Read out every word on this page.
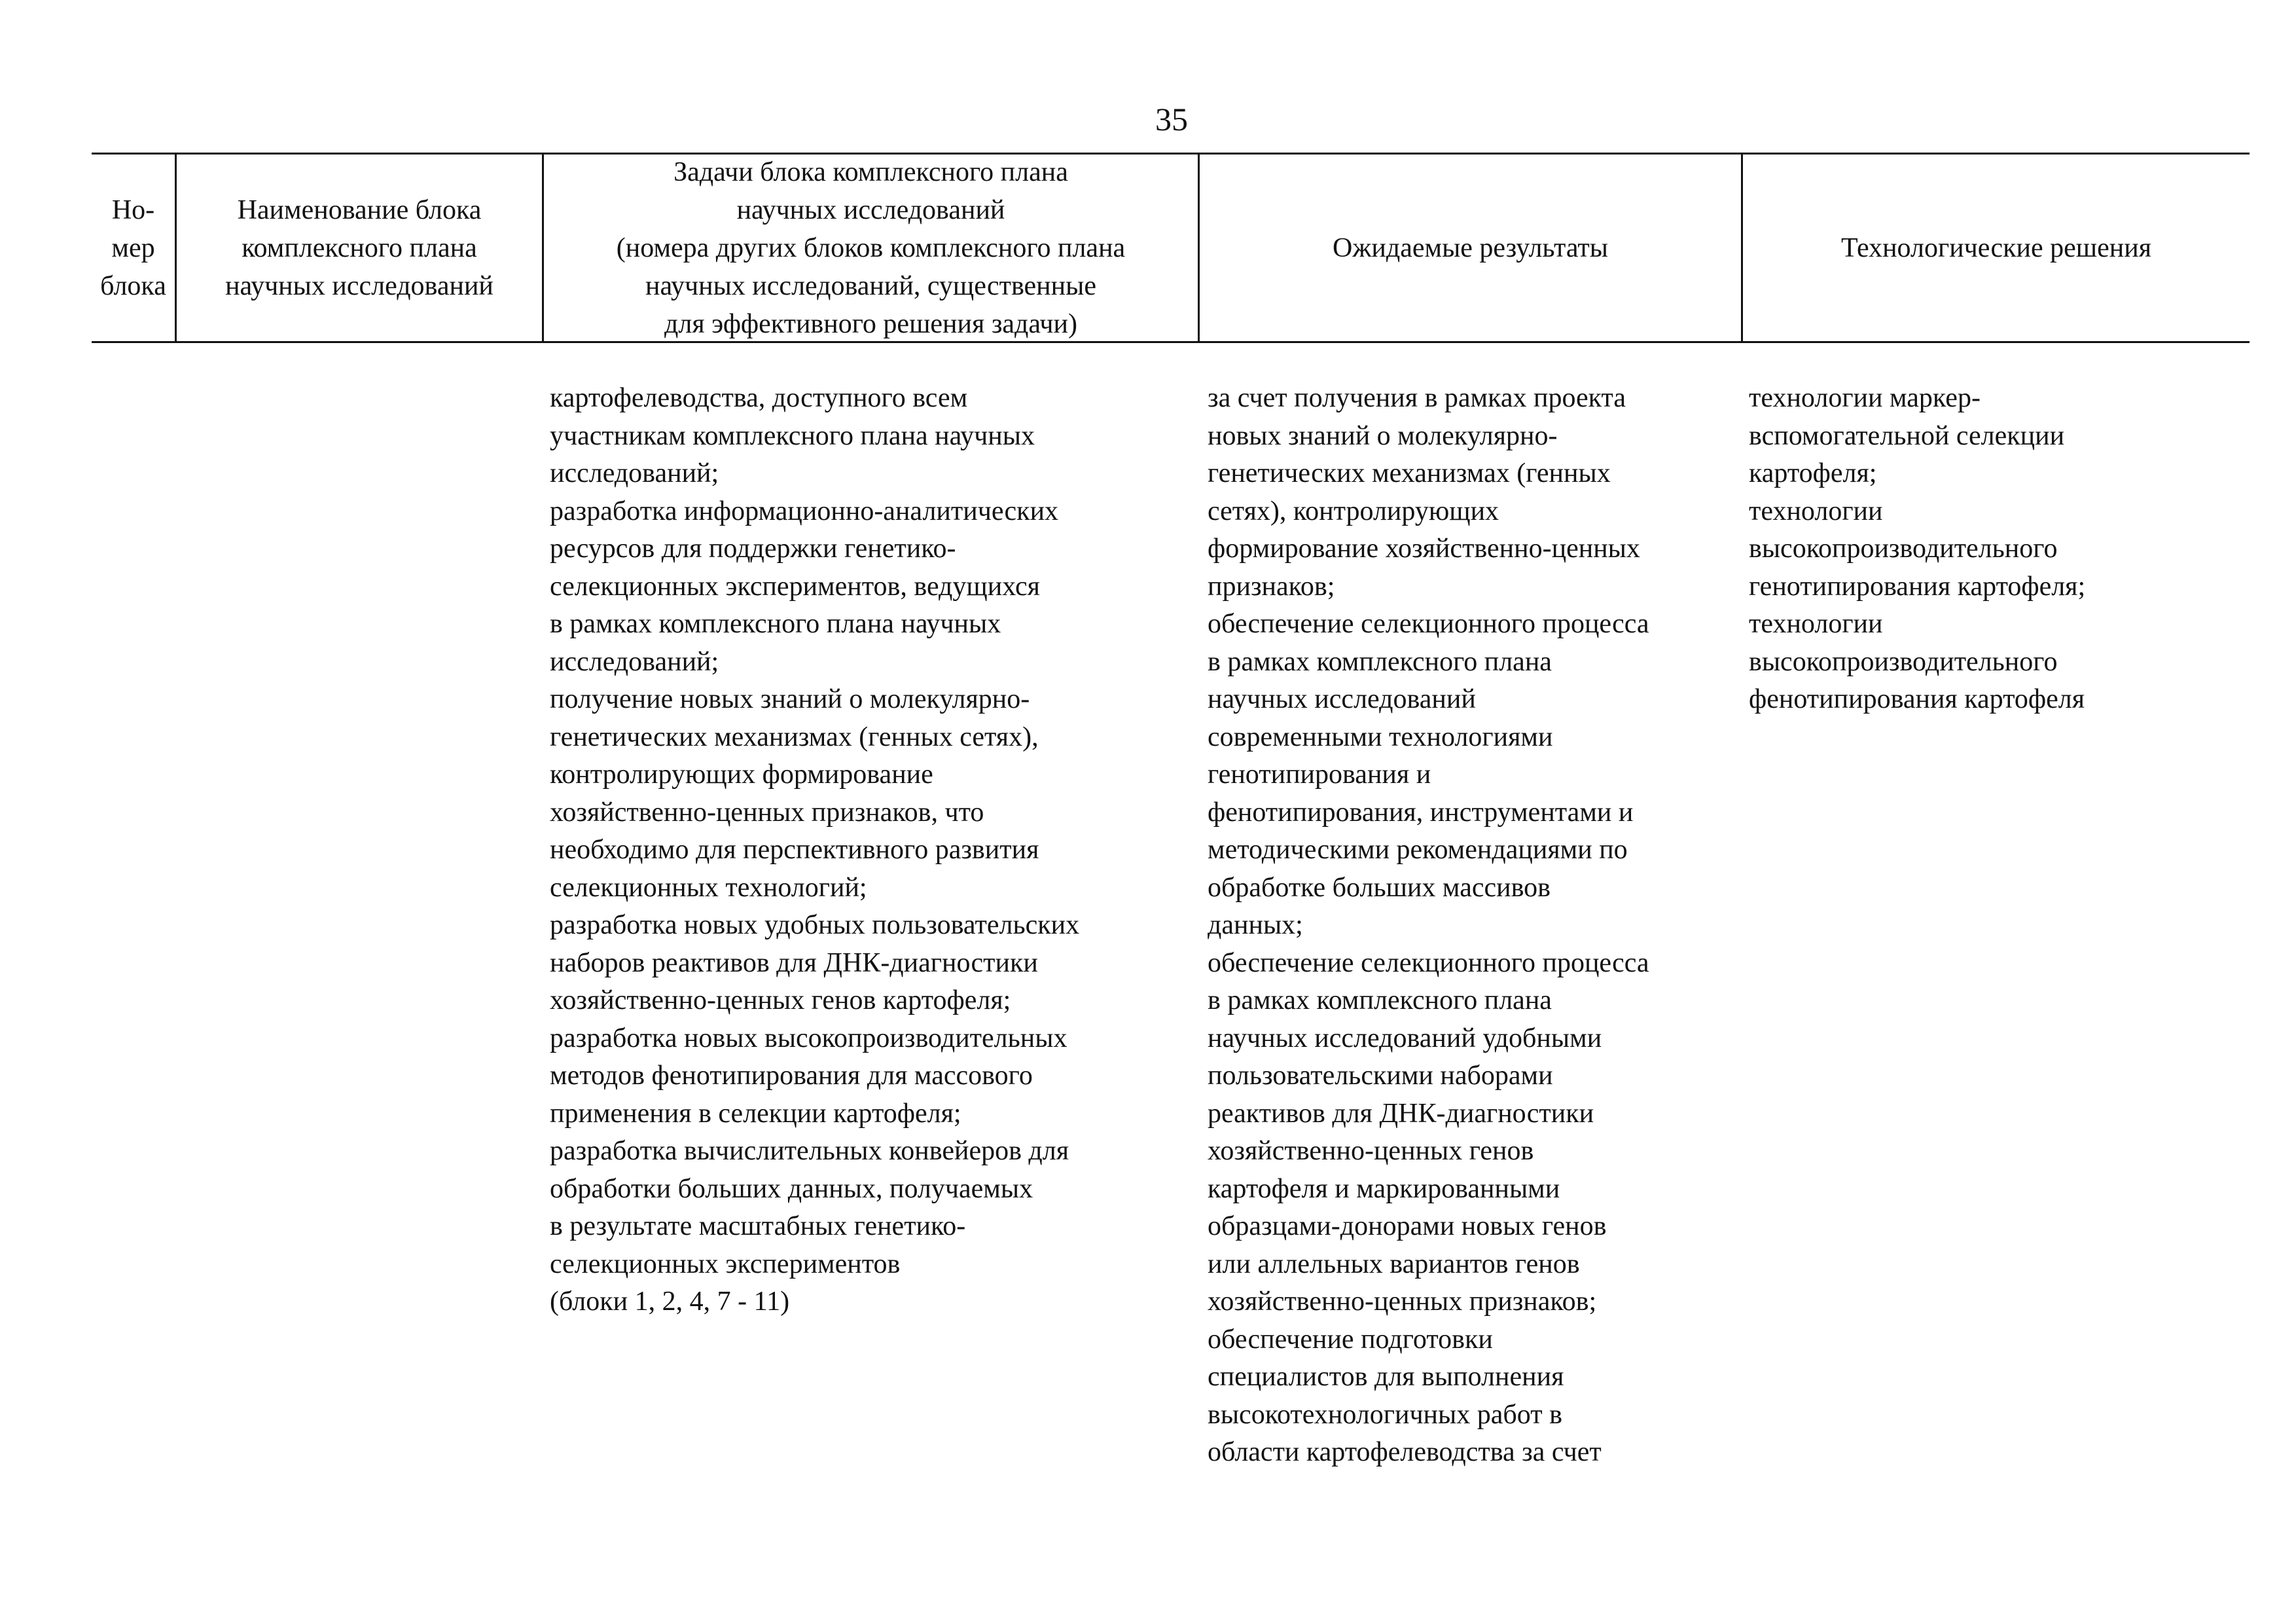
35
Но-
мер
блока
Наименование блока
комплексного плана
научных исследований
Задачи блока комплексного плана
научных исследований
(номера других блоков комплексного плана
научных исследований, существенные
для эффективного решения задачи)
Ожидаемые результаты	Технологические решения
картофелеводства, доступного всем
участникам комплексного плана научных
исследований;
разработка информационно-аналитических
ресурсов для поддержки генетико-
селекционных экспериментов, ведущихся
в рамках комплексного плана научных
исследований;
получение новых знаний о молекулярно-
генетических механизмах (генных сетях),
контролирующих формирование
хозяйственно-ценных признаков, что
необходимо для перспективного развития
селекционных технологий;
разработка новых удобных пользовательских
наборов реактивов для ДНК-диагностики
хозяйственно-ценных генов картофеля;
разработка новых высокопроизводительных
методов фенотипирования для массового
применения в селекции картофеля;
разработка вычислительных конвейеров для
обработки больших данных, получаемых
в результате масштабных генетико-
селекционных экспериментов
(блоки 1, 2, 4, 7 - 11)
за счет получения в рамках проекта
новых знаний о молекулярно-
генетических механизмах (генных
сетях), контролирующих
формирование хозяйственно-ценных
признаков;
обеспечение селекционного процесса
в рамках комплексного плана
научных исследований
современными технологиями
генотипирования и
фенотипирования, инструментами и
методическими рекомендациями по
обработке больших массивов
данных;
обеспечение селекционного процесса
в рамках комплексного плана
научных исследований удобными
пользовательскими наборами
реактивов для ДНК-диагностики
хозяйственно-ценных генов
картофеля и маркированными
образцами-донорами новых генов
или аллельных вариантов генов
хозяйственно-ценных признаков;
обеспечение подготовки
специалистов для выполнения
высокотехнологичных работ в
области картофелеводства за счет
технологии маркер-
вспомогательной селекции
картофеля;
технологии
высокопроизводительного
генотипирования картофеля;
технологии
высокопроизводительного
фенотипирования картофеля
